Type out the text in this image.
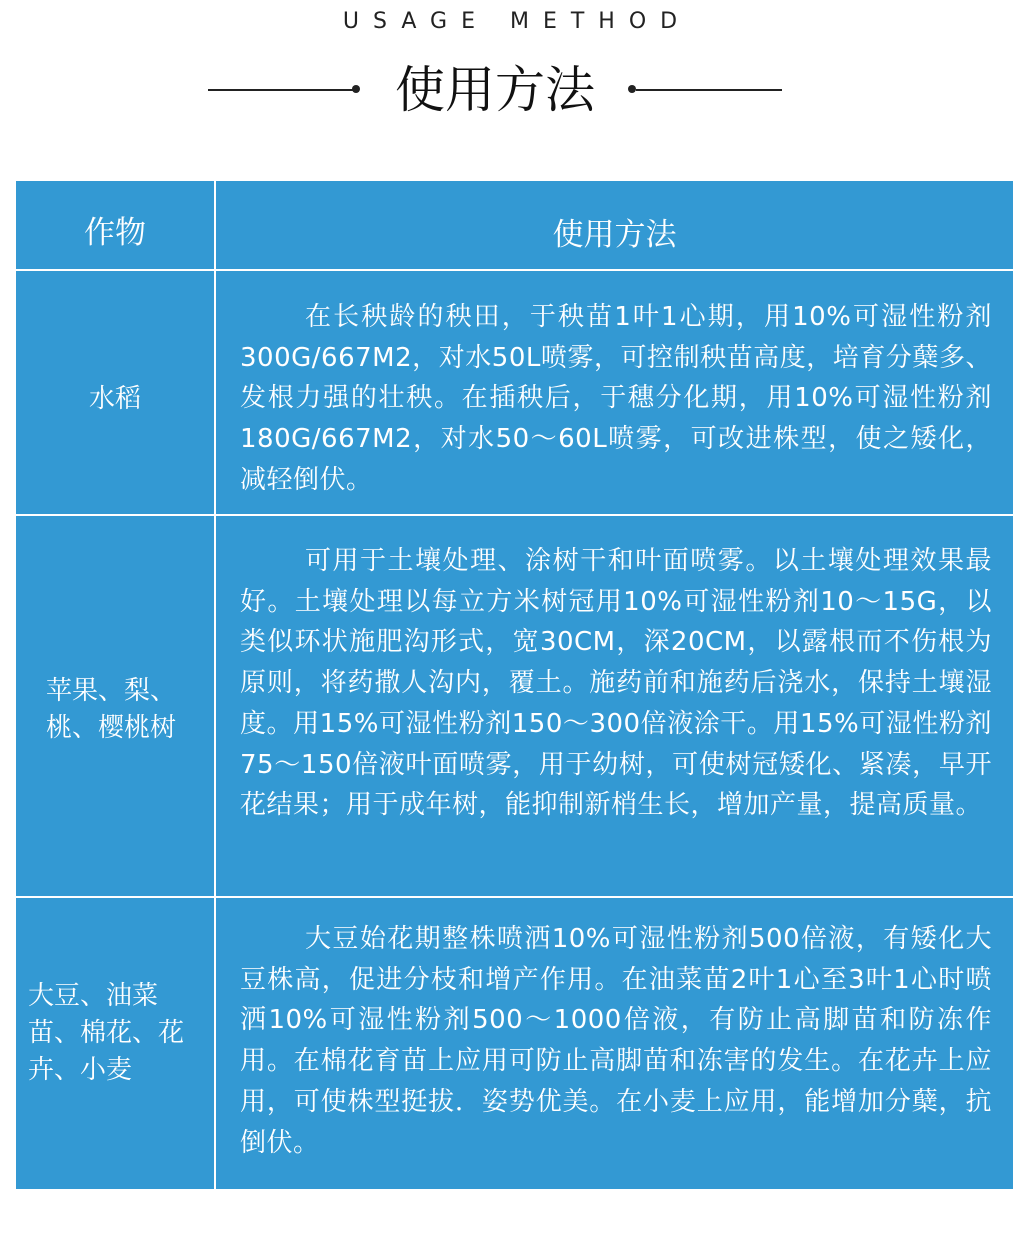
USAGE METHOD
使用方法
作物	使用方法
水稻
在长秧龄的秧田，于秧苗1叶1心期，用10%可湿性粉剂300G/667M2，对水50L喷雾，可控制秧苗高度，培育分蘖多、发根力强的壮秧。在插秧后，于穗分化期，用10%可湿性粉剂180G/667M2，对水50～60L喷雾，可改进株型，使之矮化，减轻倒伏。
苹果、梨、桃、樱桃树
可用于土壤处理、涂树干和叶面喷雾。以土壤处理效果最好。土壤处理以每立方米树冠用10%可湿性粉剂10～15G，以类似环状施肥沟形式，宽30CM，深20CM，以露根而不伤根为原则，将药撒人沟内，覆土。施药前和施药后浇水，保持土壤湿度。用15%可湿性粉剂150～300倍液涂干。用15%可湿性粉剂75～150倍液叶面喷雾，用于幼树，可使树冠矮化、紧凑，早开花结果；用于成年树，能抑制新梢生长，增加产量，提高质量。
大豆、油菜苗、棉花、花卉、小麦
大豆始花期整株喷洒10%可湿性粉剂500倍液，有矮化大豆株高，促进分枝和增产作用。在油菜苗2叶1心至3叶1心时喷洒10%可湿性粉剂500～1000倍液，有防止高脚苗和防冻作用。在棉花育苗上应用可防止高脚苗和冻害的发生。在花卉上应用，可使株型挺拔．姿势优美。在小麦上应用，能增加分蘖，抗倒伏。
